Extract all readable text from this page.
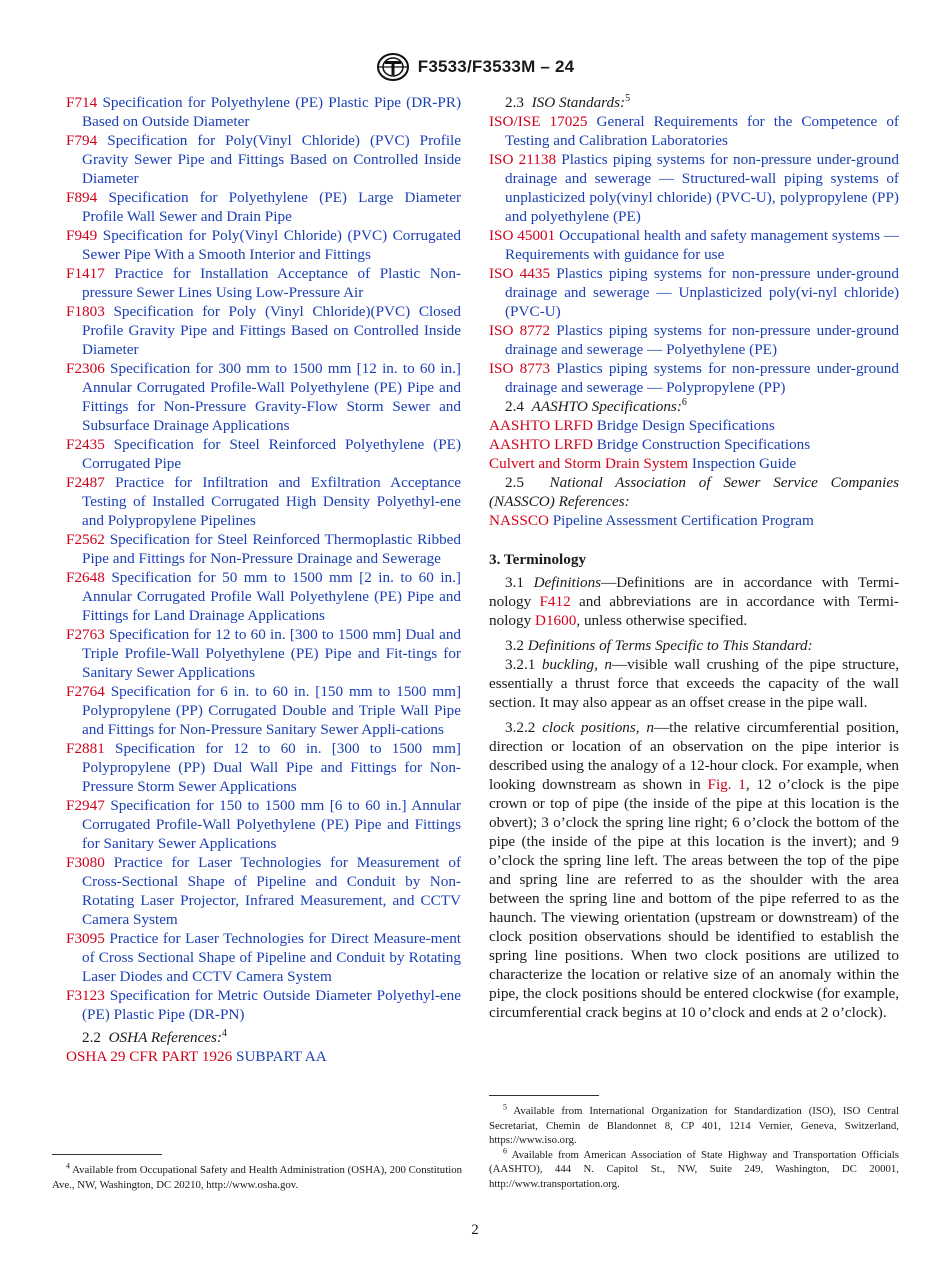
F3533/F3533M – 24

F714 Specification for Polyethylene (PE) Plastic Pipe (DR-PR) Based on Outside Diameter

F794 Specification for Poly(Vinyl Chloride) (PVC) Profile Gravity Sewer Pipe and Fittings Based on Controlled Inside Diameter

F894 Specification for Polyethylene (PE) Large Diameter Profile Wall Sewer and Drain Pipe

F949 Specification for Poly(Vinyl Chloride) (PVC) Corrugated Sewer Pipe With a Smooth Interior and Fittings

F1417 Practice for Installation Acceptance of Plastic Non-pressure Sewer Lines Using Low-Pressure Air

F1803 Specification for Poly (Vinyl Chloride)(PVC) Closed Profile Gravity Pipe and Fittings Based on Controlled Inside Diameter

F2306 Specification for 300 mm to 1500 mm [12 in. to 60 in.] Annular Corrugated Profile-Wall Polyethylene (PE) Pipe and Fittings for Non-Pressure Gravity-Flow Storm Sewer and Subsurface Drainage Applications

F2435 Specification for Steel Reinforced Polyethylene (PE) Corrugated Pipe

F2487 Practice for Infiltration and Exfiltration Acceptance Testing of Installed Corrugated High Density Polyethyl-ene and Polypropylene Pipelines

F2562 Specification for Steel Reinforced Thermoplastic Ribbed Pipe and Fittings for Non-Pressure Drainage and Sewerage

F2648 Specification for 50 mm to 1500 mm [2 in. to 60 in.] Annular Corrugated Profile Wall Polyethylene (PE) Pipe and Fittings for Land Drainage Applications

F2763 Specification for 12 to 60 in. [300 to 1500 mm] Dual and Triple Profile-Wall Polyethylene (PE) Pipe and Fit-tings for Sanitary Sewer Applications

F2764 Specification for 6 in. to 60 in. [150 mm to 1500 mm] Polypropylene (PP) Corrugated Double and Triple Wall Pipe and Fittings for Non-Pressure Sanitary Sewer Appli-cations

F2881 Specification for 12 to 60 in. [300 to 1500 mm] Polypropylene (PP) Dual Wall Pipe and Fittings for Non-Pressure Storm Sewer Applications

F2947 Specification for 150 to 1500 mm [6 to 60 in.] Annular Corrugated Profile-Wall Polyethylene (PE) Pipe and Fittings for Sanitary Sewer Applications

F3080 Practice for Laser Technologies for Measurement of Cross-Sectional Shape of Pipeline and Conduit by Non-Rotating Laser Projector, Infrared Measurement, and CCTV Camera System

F3095 Practice for Laser Technologies for Direct Measure-ment of Cross Sectional Shape of Pipeline and Conduit by Rotating Laser Diodes and CCTV Camera System

F3123 Specification for Metric Outside Diameter Polyethyl-ene (PE) Plastic Pipe (DR-PN)

2.2 OSHA References:$^4$

OSHA 29 CFR PART 1926 SUBPART AA

2.3 ISO Standards:$^5$

ISO/ISE 17025 General Requirements for the Competence of Testing and Calibration Laboratories

ISO 21138 Plastics piping systems for non-pressure under-ground drainage and sewerage — Structured-wall piping systems of unplasticized poly(vinyl chloride) (PVC-U), polypropylene (PP) and polyethylene (PE)

ISO 45001 Occupational health and safety management systems — Requirements with guidance for use

ISO 4435 Plastics piping systems for non-pressure under-ground drainage and sewerage — Unplasticized poly(vi-nyl chloride) (PVC-U)

ISO 8772 Plastics piping systems for non-pressure under-ground drainage and sewerage — Polyethylene (PE)

ISO 8773 Plastics piping systems for non-pressure under-ground drainage and sewerage — Polypropylene (PP)

2.4 AASHTO Specifications:$^6$

AASHTO LRFD Bridge Design Specifications

AASHTO LRFD Bridge Construction Specifications

Culvert and Storm Drain System Inspection Guide

2.5 National Association of Sewer Service Companies (NASSCO) References:

NASSCO Pipeline Assessment Certification Program

3. Terminology

3.1 Definitions—Definitions are in accordance with Termi-nology F412 and abbreviations are in accordance with Termi-nology D1600, unless otherwise specified.

3.2 Definitions of Terms Specific to This Standard:

3.2.1 buckling, n—visible wall crushing of the pipe structure, essentially a thrust force that exceeds the capacity of the wall section. It may also appear as an offset crease in the pipe wall.

3.2.2 clock positions, n—the relative circumferential position, direction or location of an observation on the pipe interior is described using the analogy of a 12-hour clock. For example, when looking downstream as shown in Fig. 1, 12 o’clock is the pipe crown or top of pipe (the inside of the pipe at this location is the obvert); 3 o’clock the spring line right; 6 o’clock the bottom of the pipe (the inside of the pipe at this location is the invert); and 9 o’clock the spring line left. The areas between the top of the pipe and spring line are referred to as the shoulder with the area between the spring line and bottom of the pipe referred to as the haunch. The viewing orientation (upstream or downstream) of the clock position observations should be identified to establish the spring line positions. When two clock positions are utilized to characterize the location or relative size of an anomaly within the pipe, the clock positions should be entered clockwise (for example, circumferential crack begins at 10 o’clock and ends at 2 o’clock).

$^4$ Available from Occupational Safety and Health Administration (OSHA), 200 Constitution Ave., NW, Washington, DC 20210, http://www.osha.gov.

$^5$ Available from International Organization for Standardization (ISO), ISO Central Secretariat, Chemin de Blandonnet 8, CP 401, 1214 Vernier, Geneva, Switzerland, https://www.iso.org.

$^6$ Available from American Association of State Highway and Transportation Officials (AASHTO), 444 N. Capitol St., NW, Suite 249, Washington, DC 20001, http://www.transportation.org.

2
